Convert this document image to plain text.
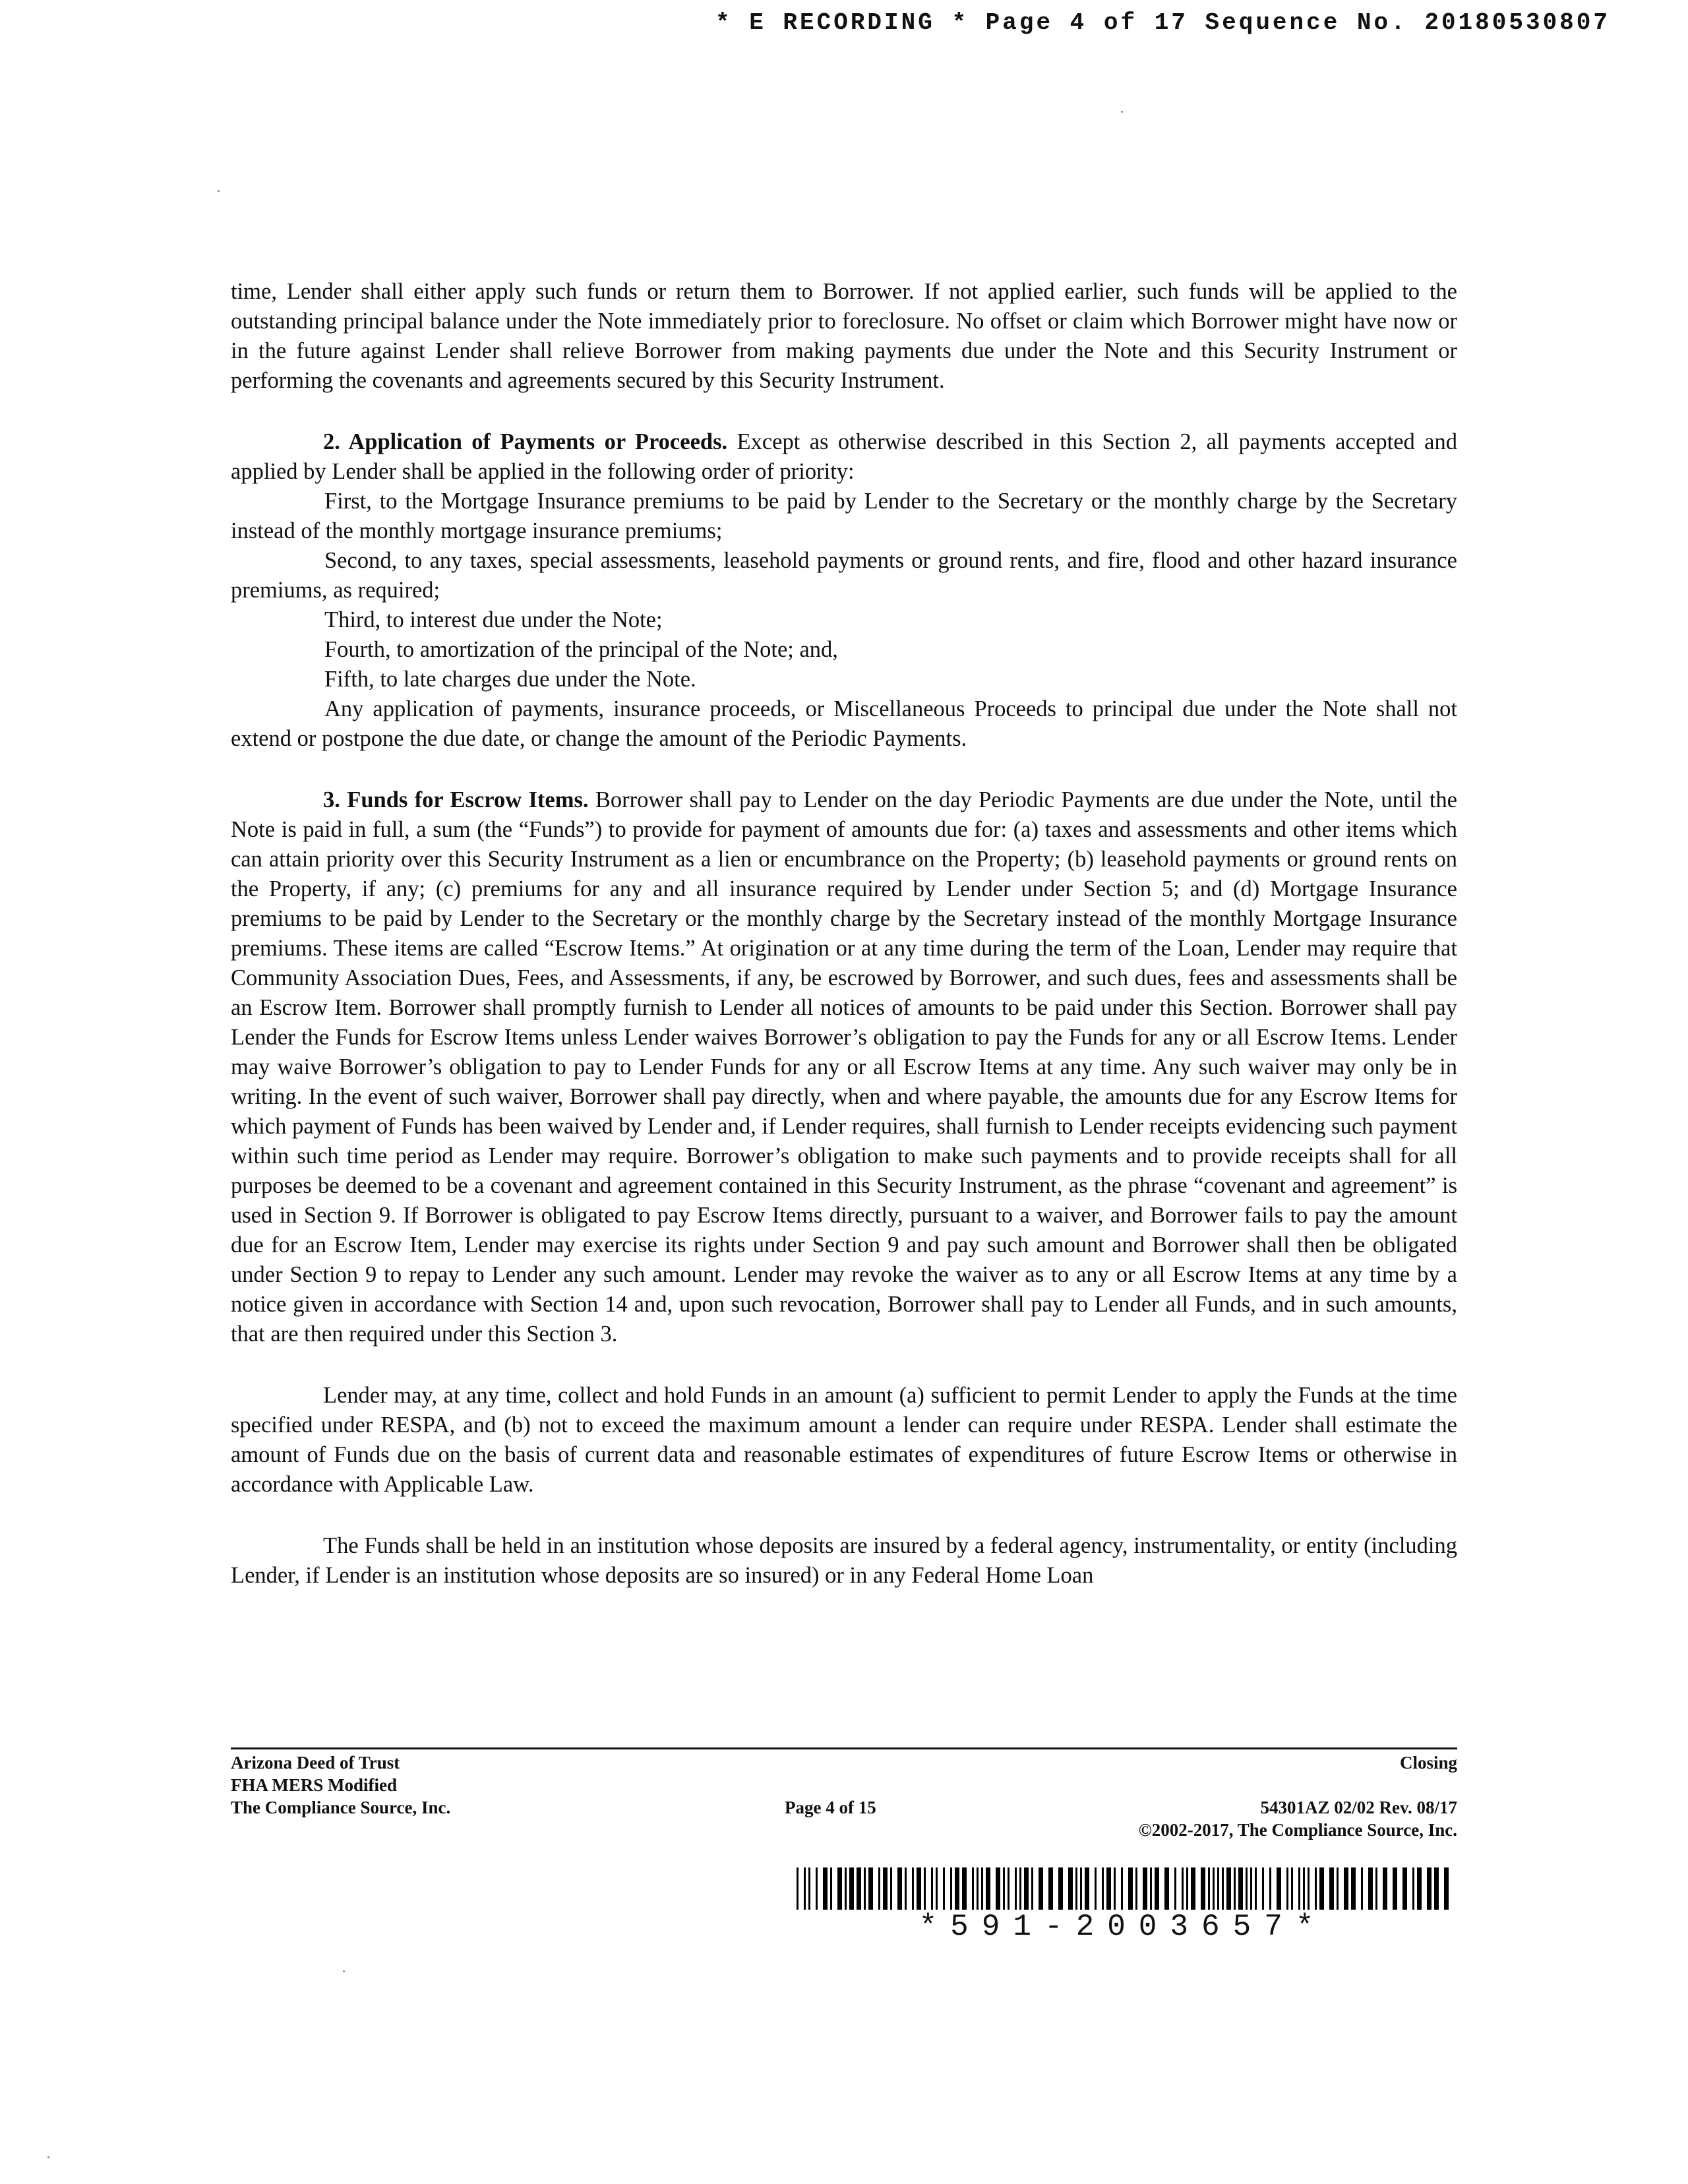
* E RECORDING * Page 4 of 17 Sequence No. 20180530807

time, Lender shall either apply such funds or return them to Borrower. If not applied earlier, such funds will be applied to the outstanding principal balance under the Note immediately prior to foreclosure. No offset or claim which Borrower might have now or in the future against Lender shall relieve Borrower from making payments due under the Note and this Security Instrument or performing the covenants and agreements secured by this Security Instrument.

2. Application of Payments or Proceeds. Except as otherwise described in this Section 2, all payments accepted and applied by Lender shall be applied in the following order of priority:

First, to the Mortgage Insurance premiums to be paid by Lender to the Secretary or the monthly charge by the Secretary instead of the monthly mortgage insurance premiums;

Second, to any taxes, special assessments, leasehold payments or ground rents, and fire, flood and other hazard insurance premiums, as required;

Third, to interest due under the Note;

Fourth, to amortization of the principal of the Note; and,

Fifth, to late charges due under the Note.

Any application of payments, insurance proceeds, or Miscellaneous Proceeds to principal due under the Note shall not extend or postpone the due date, or change the amount of the Periodic Payments.

3. Funds for Escrow Items. Borrower shall pay to Lender on the day Periodic Payments are due under the Note, until the Note is paid in full, a sum (the “Funds”) to provide for payment of amounts due for: (a) taxes and assessments and other items which can attain priority over this Security Instrument as a lien or encumbrance on the Property; (b) leasehold payments or ground rents on the Property, if any; (c) premiums for any and all insurance required by Lender under Section 5; and (d) Mortgage Insurance premiums to be paid by Lender to the Secretary or the monthly charge by the Secretary instead of the monthly Mortgage Insurance premiums. These items are called “Escrow Items.” At origination or at any time during the term of the Loan, Lender may require that Community Association Dues, Fees, and Assessments, if any, be escrowed by Borrower, and such dues, fees and assessments shall be an Escrow Item. Borrower shall promptly furnish to Lender all notices of amounts to be paid under this Section. Borrower shall pay Lender the Funds for Escrow Items unless Lender waives Borrower’s obligation to pay the Funds for any or all Escrow Items. Lender may waive Borrower’s obligation to pay to Lender Funds for any or all Escrow Items at any time. Any such waiver may only be in writing. In the event of such waiver, Borrower shall pay directly, when and where payable, the amounts due for any Escrow Items for which payment of Funds has been waived by Lender and, if Lender requires, shall furnish to Lender receipts evidencing such payment within such time period as Lender may require. Borrower’s obligation to make such payments and to provide receipts shall for all purposes be deemed to be a covenant and agreement contained in this Security Instrument, as the phrase “covenant and agreement” is used in Section 9. If Borrower is obligated to pay Escrow Items directly, pursuant to a waiver, and Borrower fails to pay the amount due for an Escrow Item, Lender may exercise its rights under Section 9 and pay such amount and Borrower shall then be obligated under Section 9 to repay to Lender any such amount. Lender may revoke the waiver as to any or all Escrow Items at any time by a notice given in accordance with Section 14 and, upon such revocation, Borrower shall pay to Lender all Funds, and in such amounts, that are then required under this Section 3.

Lender may, at any time, collect and hold Funds in an amount (a) sufficient to permit Lender to apply the Funds at the time specified under RESPA, and (b) not to exceed the maximum amount a lender can require under RESPA. Lender shall estimate the amount of Funds due on the basis of current data and reasonable estimates of expenditures of future Escrow Items or otherwise in accordance with Applicable Law.

The Funds shall be held in an institution whose deposits are insured by a federal agency, instrumentality, or entity (including Lender, if Lender is an institution whose deposits are so insured) or in any Federal Home Loan

Arizona Deed of Trust
FHA MERS Modified
The Compliance Source, Inc.	Page 4 of 15
Closing
54301AZ 02/02 Rev. 08/17
©2002-2017, The Compliance Source, Inc.
*591-2003657*
